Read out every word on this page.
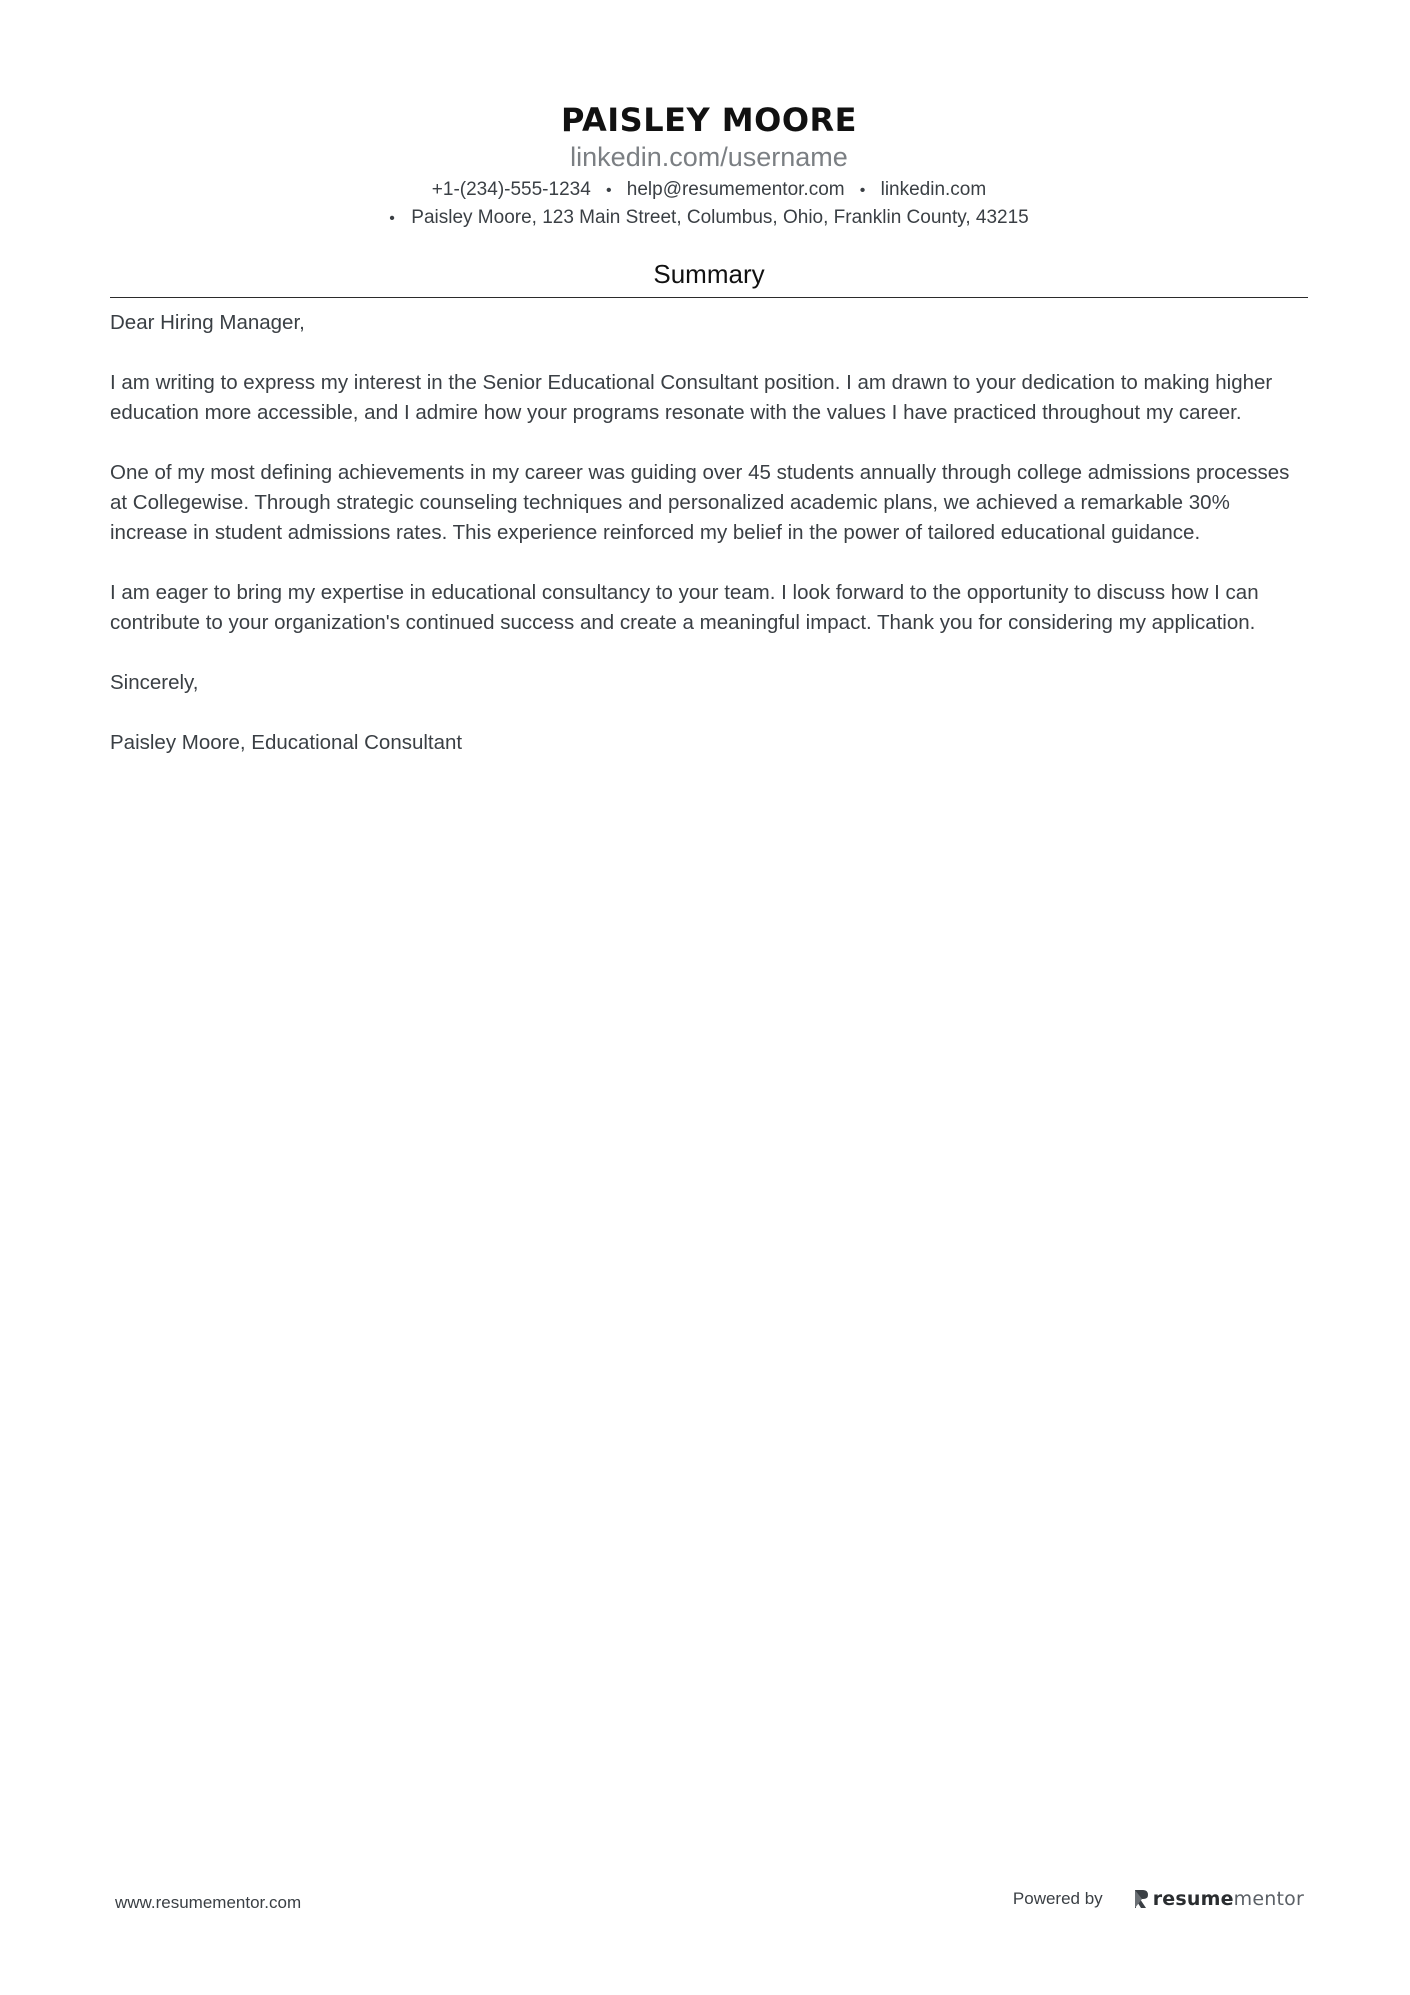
PAISLEY MOORE
linkedin.com/username
+1-(234)-555-1234 • help@resumementor.com • linkedin.com
• Paisley Moore, 123 Main Street, Columbus, Ohio, Franklin County, 43215
Summary

Dear Hiring Manager,

I am writing to express my interest in the Senior Educational Consultant position. I am drawn to your dedication to making higher education more accessible, and I admire how your programs resonate with the values I have practiced throughout my career.

One of my most defining achievements in my career was guiding over 45 students annually through college admissions processes at Collegewise. Through strategic counseling techniques and personalized academic plans, we achieved a remarkable 30% increase in student admissions rates. This experience reinforced my belief in the power of tailored educational guidance.

I am eager to bring my expertise in educational consultancy to your team. I look forward to the opportunity to discuss how I can contribute to your organization's continued success and create a meaningful impact. Thank you for considering my application.

Sincerely,

Paisley Moore, Educational Consultant

www.resumementor.com	Powered by	resumementor
